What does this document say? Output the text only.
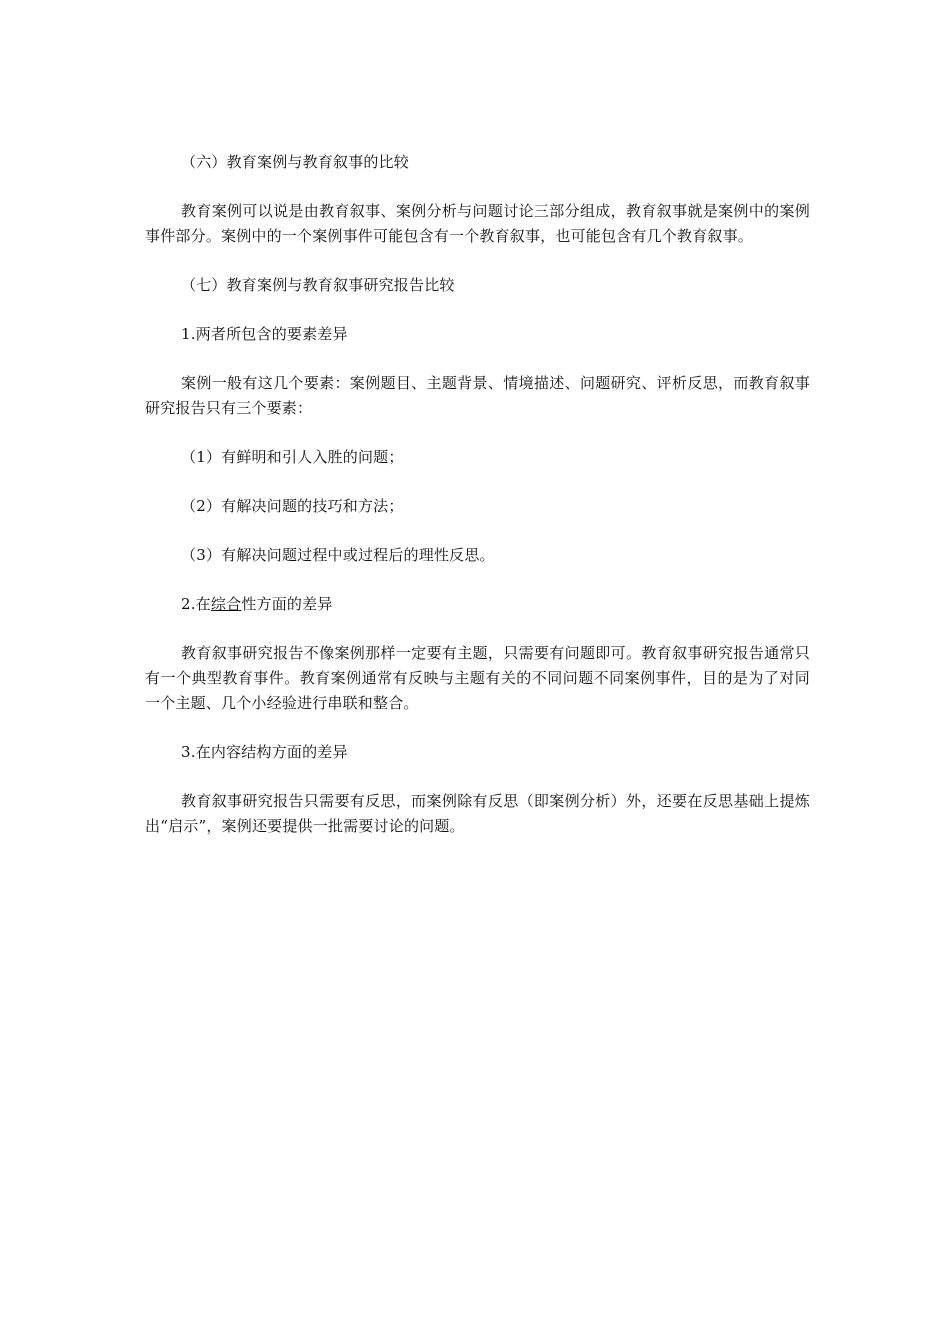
（六）教育案例与教育叙事的比较

教育案例可以说是由教育叙事、案例分析与问题讨论三部分组成，教育叙事就是案例中的案例事件部分。案例中的一个案例事件可能包含有一个教育叙事，也可能包含有几个教育叙事。

（七）教育案例与教育叙事研究报告比较

1.两者所包含的要素差异

案例一般有这几个要素：案例题目、主题背景、情境描述、问题研究、评析反思，而教育叙事研究报告只有三个要素：

（1）有鲜明和引人入胜的问题；

（2）有解决问题的技巧和方法；

（3）有解决问题过程中或过程后的理性反思。

2.在综合性方面的差异

教育叙事研究报告不像案例那样一定要有主题，只需要有问题即可。教育叙事研究报告通常只有一个典型教育事件。教育案例通常有反映与主题有关的不同问题不同案例事件，目的是为了对同一个主题、几个小经验进行串联和整合。

3.在内容结构方面的差异

教育叙事研究报告只需要有反思，而案例除有反思（即案例分析）外，还要在反思基础上提炼出“启示”，案例还要提供一批需要讨论的问题。
